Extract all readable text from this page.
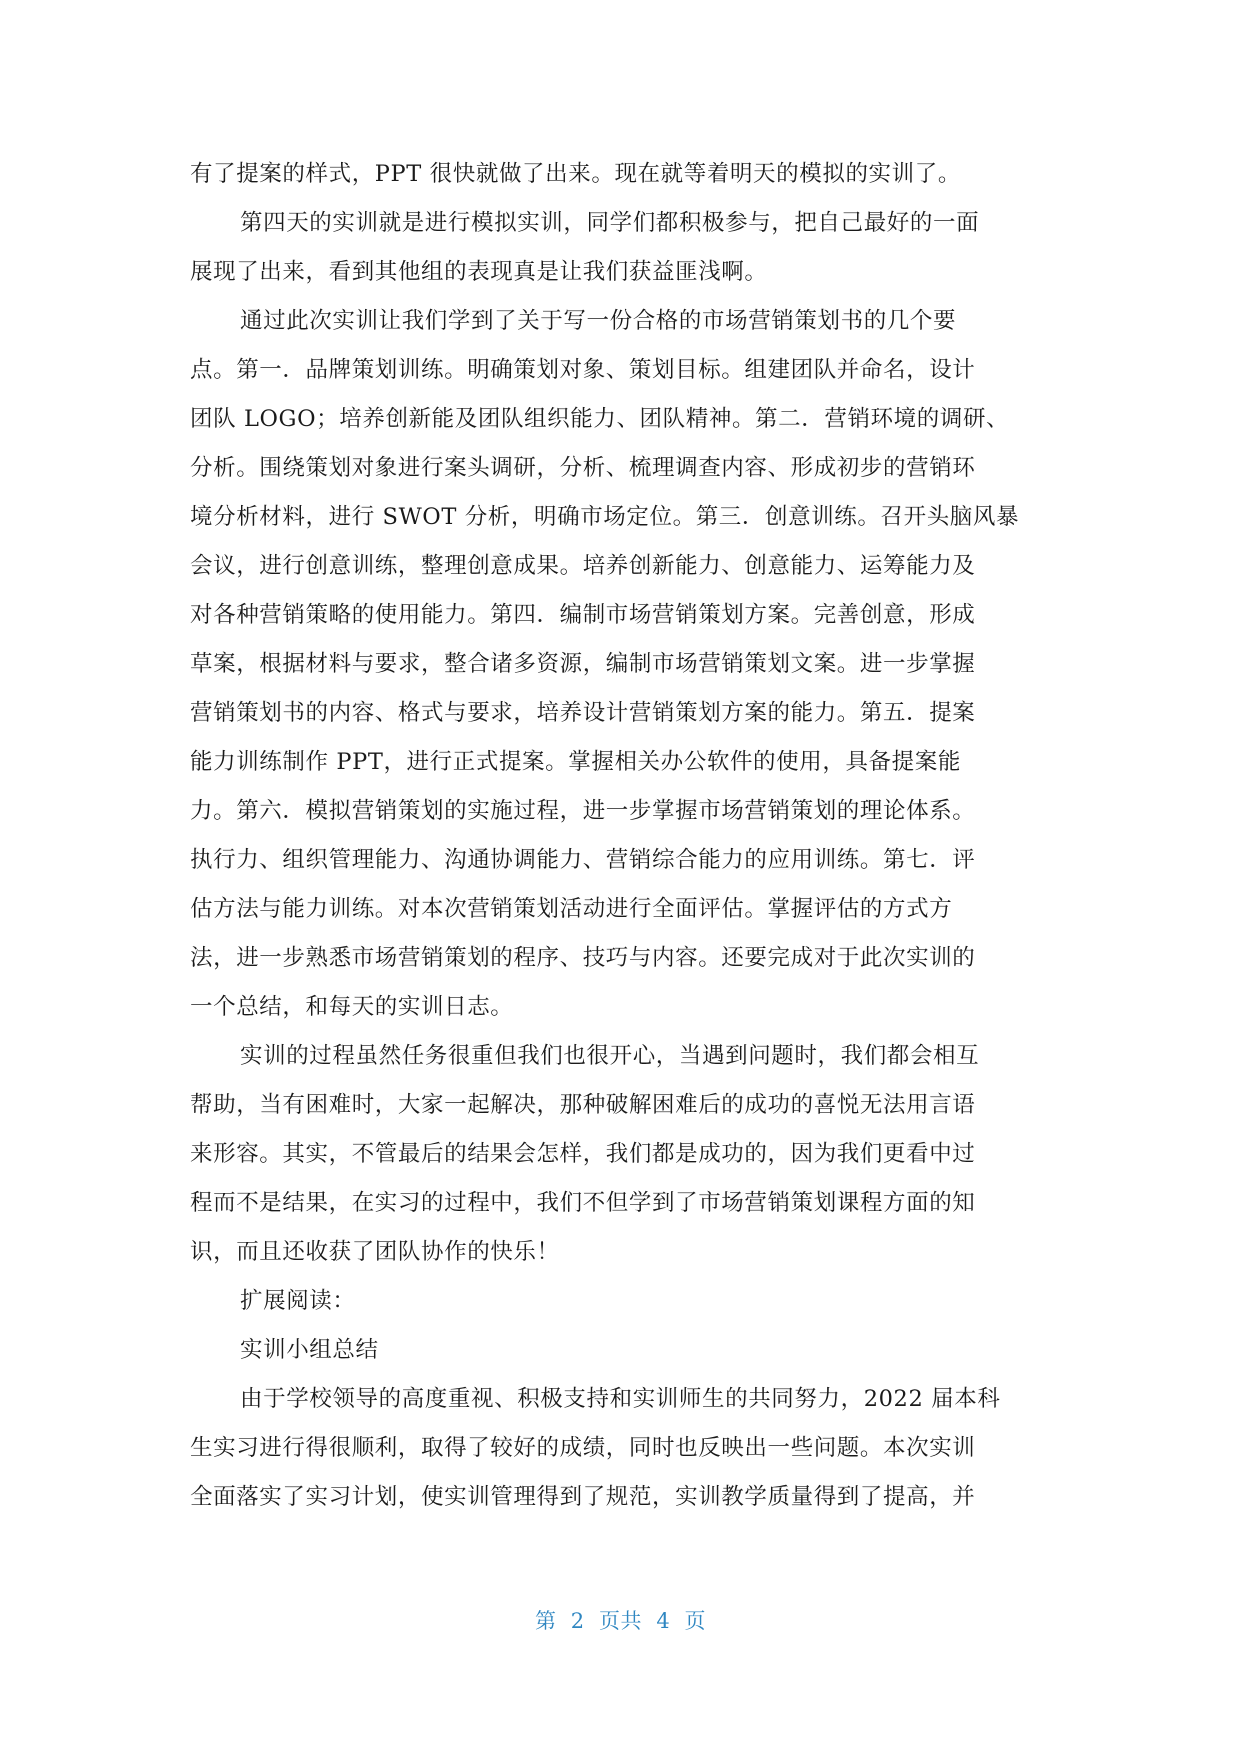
有了提案的样式，PPT 很快就做了出来。现在就等着明天的模拟的实训了。
第四天的实训就是进行模拟实训，同学们都积极参与，把自己最好的一面
展现了出来，看到其他组的表现真是让我们获益匪浅啊。
通过此次实训让我们学到了关于写一份合格的市场营销策划书的几个要
点。第一．品牌策划训练。明确策划对象、策划目标。组建团队并命名，设计
团队 LOGO；培养创新能及团队组织能力、团队精神。第二．营销环境的调研、
分析。围绕策划对象进行案头调研，分析、梳理调查内容、形成初步的营销环
境分析材料，进行 SWOT 分析，明确市场定位。第三．创意训练。召开头脑风暴
会议，进行创意训练，整理创意成果。培养创新能力、创意能力、运筹能力及
对各种营销策略的使用能力。第四．编制市场营销策划方案。完善创意，形成
草案，根据材料与要求，整合诸多资源，编制市场营销策划文案。进一步掌握
营销策划书的内容、格式与要求，培养设计营销策划方案的能力。第五．提案
能力训练制作 PPT，进行正式提案。掌握相关办公软件的使用，具备提案能
力。第六．模拟营销策划的实施过程，进一步掌握市场营销策划的理论体系。
执行力、组织管理能力、沟通协调能力、营销综合能力的应用训练。第七．评
估方法与能力训练。对本次营销策划活动进行全面评估。掌握评估的方式方
法，进一步熟悉市场营销策划的程序、技巧与内容。还要完成对于此次实训的
一个总结，和每天的实训日志。
实训的过程虽然任务很重但我们也很开心，当遇到问题时，我们都会相互
帮助，当有困难时，大家一起解决，那种破解困难后的成功的喜悦无法用言语
来形容。其实，不管最后的结果会怎样，我们都是成功的，因为我们更看中过
程而不是结果，在实习的过程中，我们不但学到了市场营销策划课程方面的知
识，而且还收获了团队协作的快乐！
扩展阅读：
实训小组总结
由于学校领导的高度重视、积极支持和实训师生的共同努力，2022 届本科
生实习进行得很顺利，取得了较好的成绩，同时也反映出一些问题。本次实训
全面落实了实习计划，使实训管理得到了规范，实训教学质量得到了提高，并
第  2  页共  4  页
